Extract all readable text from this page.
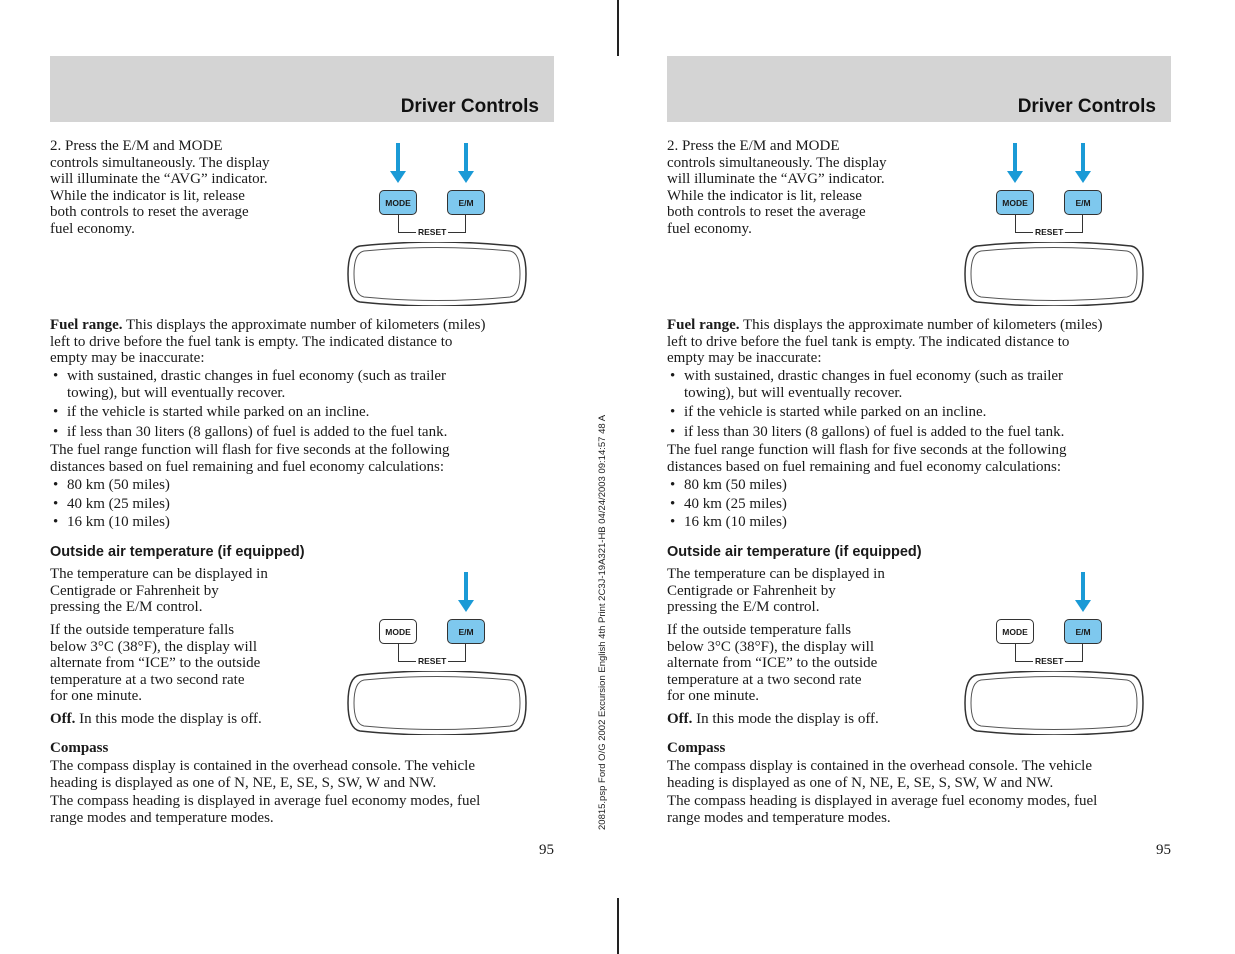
20815.psp Ford O/G 2002 Excursion English 4th Print 2C3J-19A321-HB 04/24/2003 09:14:57 48 A
Driver Controls

2. Press the E/M and MODE
controls simultaneously. The display
will illuminate the “AVG” indicator.
While the indicator is lit, release
both controls to reset the average
fuel economy.

MODE	E/M
RESET

Fuel range. This displays the approximate number of kilometers (miles)
left to drive before the fuel tank is empty. The indicated distance to
empty may be inaccurate:

• with sustained, drastic changes in fuel economy (such as trailer
towing), but will eventually recover.
• if the vehicle is started while parked on an incline.
• if less than 30 liters (8 gallons) of fuel is added to the fuel tank.

The fuel range function will flash for five seconds at the following
distances based on fuel remaining and fuel economy calculations:

• 80 km (50 miles)
• 40 km (25 miles)
• 16 km (10 miles)
Outside air temperature (if equipped)

The temperature can be displayed in
Centigrade or Fahrenheit by
pressing the E/M control.

If the outside temperature falls
below 3°C (38°F), the display will
alternate from “ICE” to the outside
temperature at a two second rate
for one minute.

MODE	E/M
RESET

Off. In this mode the display is off.

Compass

The compass display is contained in the overhead console. The vehicle
heading is displayed as one of N, NE, E, SE, S, SW, W and NW.

The compass heading is displayed in average fuel economy modes, fuel
range modes and temperature modes.

95
Driver Controls

2. Press the E/M and MODE
controls simultaneously. The display
will illuminate the “AVG” indicator.
While the indicator is lit, release
both controls to reset the average
fuel economy.

MODE	E/M
RESET

Fuel range. This displays the approximate number of kilometers (miles)
left to drive before the fuel tank is empty. The indicated distance to
empty may be inaccurate:

• with sustained, drastic changes in fuel economy (such as trailer
towing), but will eventually recover.
• if the vehicle is started while parked on an incline.
• if less than 30 liters (8 gallons) of fuel is added to the fuel tank.

The fuel range function will flash for five seconds at the following
distances based on fuel remaining and fuel economy calculations:

• 80 km (50 miles)
• 40 km (25 miles)
• 16 km (10 miles)
Outside air temperature (if equipped)

The temperature can be displayed in
Centigrade or Fahrenheit by
pressing the E/M control.

If the outside temperature falls
below 3°C (38°F), the display will
alternate from “ICE” to the outside
temperature at a two second rate
for one minute.

MODE	E/M
RESET

Off. In this mode the display is off.

Compass

The compass display is contained in the overhead console. The vehicle
heading is displayed as one of N, NE, E, SE, S, SW, W and NW.

The compass heading is displayed in average fuel economy modes, fuel
range modes and temperature modes.

95
